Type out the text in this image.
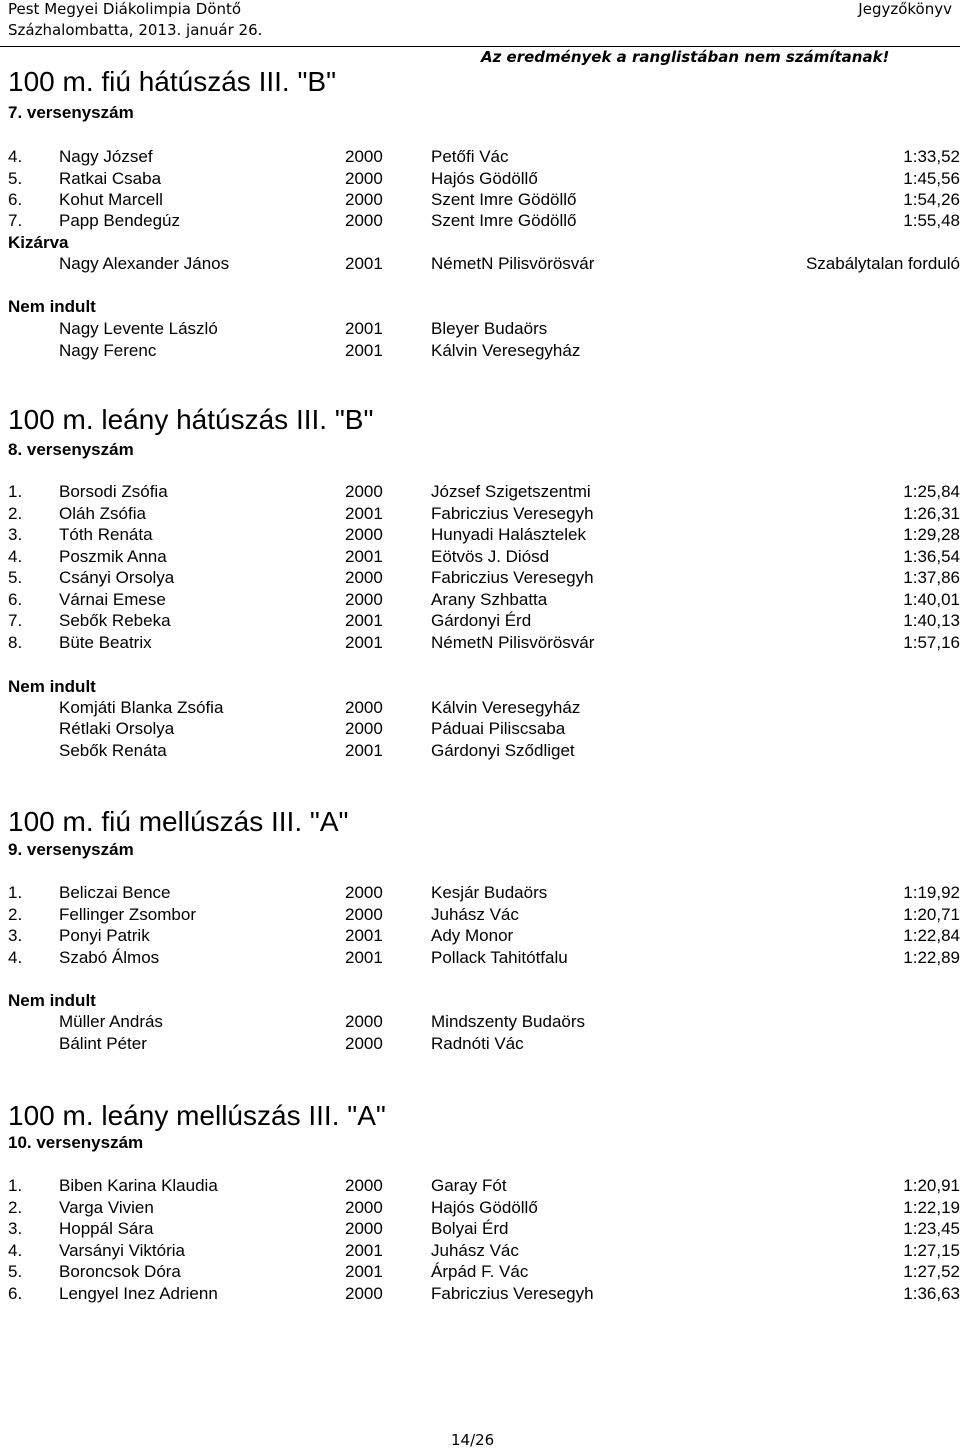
Pest Megyei Diákolimpia Döntő
Százhalombatta, 2013. január 26.
Jegyzőkönyv
Az eredmények a ranglistában nem számítanak!
100 m. fiú hátúszás III. "B"
7. versenyszám
4. Nagy József	2000	Petőfi Vác	1:33,52
5. Ratkai Csaba	2000	Hajós Gödöllő	1:45,56
6. Kohut Marcell	2000	Szent Imre Gödöllő	1:54,26
7. Papp Bendegúz	2000	Szent Imre Gödöllő	1:55,48
Kizárva
Nagy Alexander János	2001	NémetN Pilisvörösvár	Szabálytalan forduló
Nem indult
Nagy Levente László	2001	Bleyer Budaörs
Nagy Ferenc	2001	Kálvin Veresegyház
100 m. leány hátúszás III. "B"
8. versenyszám
1. Borsodi Zsófia	2000	József Szigetszentmi	1:25,84
2. Oláh Zsófia	2001	Fabriczius Veresegyh	1:26,31
3. Tóth Renáta	2000	Hunyadi Halásztelek	1:29,28
4. Poszmik Anna	2001	Eötvös J. Diósd	1:36,54
5. Csányi Orsolya	2000	Fabriczius Veresegyh	1:37,86
6. Várnai Emese	2000	Arany Szhbatta	1:40,01
7. Sebők Rebeka	2001	Gárdonyi Érd	1:40,13
8. Büte Beatrix	2001	NémetN Pilisvörösvár	1:57,16
Nem indult
Komjáti Blanka Zsófia	2000	Kálvin Veresegyház
Rétlaki Orsolya	2000	Páduai Piliscsaba
Sebők Renáta	2001	Gárdonyi Sződliget
100 m. fiú mellúszás III. "A"
9. versenyszám
1. Beliczai Bence	2000	Kesjár Budaörs	1:19,92
2. Fellinger Zsombor	2000	Juhász Vác	1:20,71
3. Ponyi Patrik	2001	Ady Monor	1:22,84
4. Szabó Álmos	2001	Pollack Tahitótfalu	1:22,89
Nem indult
Müller András	2000	Mindszenty Budaörs
Bálint Péter	2000	Radnóti Vác
100 m. leány mellúszás III. "A"
10. versenyszám
1. Biben Karina Klaudia	2000	Garay Fót	1:20,91
2. Varga Vivien	2000	Hajós Gödöllő	1:22,19
3. Hoppál Sára	2000	Bolyai Érd	1:23,45
4. Varsányi Viktória	2001	Juhász Vác	1:27,15
5. Boroncsok Dóra	2001	Árpád F. Vác	1:27,52
6. Lengyel Inez Adrienn	2000	Fabriczius Veresegyh	1:36,63
14/26
